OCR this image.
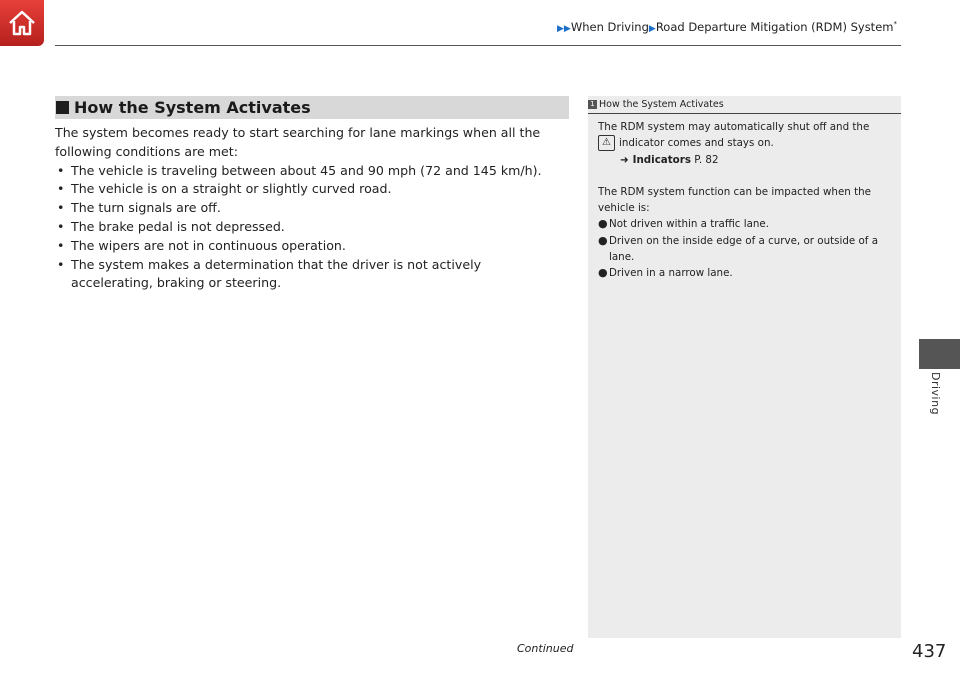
▶▶When Driving▶Road Departure Mitigation (RDM) System*
How the System Activates

The system becomes ready to start searching for lane markings when all the following conditions are met:

• The vehicle is traveling between about 45 and 90 mph (72 and 145 km/h).
• The vehicle is on a straight or slightly curved road.
• The turn signals are off.
• The brake pedal is not depressed.
• The wipers are not in continuous operation.
• The system makes a determination that the driver is not actively accelerating, braking or steering.
1 How the System Activates

The RDM system may automatically shut off and the

⚠ indicator comes and stays on.
➜ Indicators P. 82

The RDM system function can be impacted when the vehicle is:

● Not driven within a traffic lane.
● Driven on the inside edge of a curve, or outside of a lane.
● Driven in a narrow lane.
Driving
Continued	437
